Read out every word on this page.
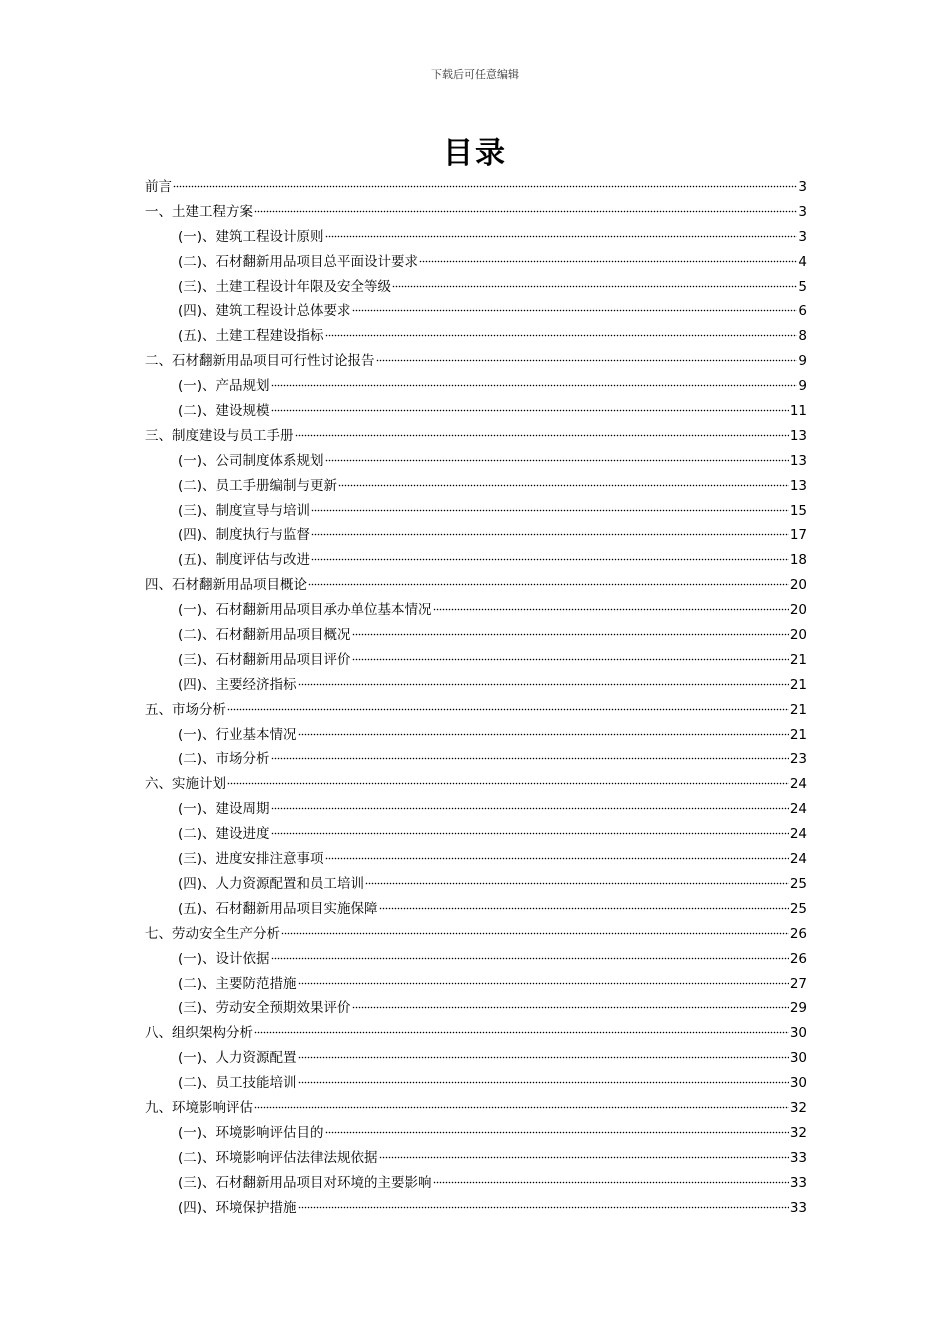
下载后可任意编辑
目录
前言	3
一、土建工程方案	3
(一)、建筑工程设计原则	3
(二)、石材翻新用品项目总平面设计要求	4
(三)、土建工程设计年限及安全等级	5
(四)、建筑工程设计总体要求	6
(五)、土建工程建设指标	8
二、石材翻新用品项目可行性讨论报告	9
(一)、产品规划	9
(二)、建设规模	11
三、制度建设与员工手册	13
(一)、公司制度体系规划	13
(二)、员工手册编制与更新	13
(三)、制度宣导与培训	15
(四)、制度执行与监督	17
(五)、制度评估与改进	18
四、石材翻新用品项目概论	20
(一)、石材翻新用品项目承办单位基本情况	20
(二)、石材翻新用品项目概况	20
(三)、石材翻新用品项目评价	21
(四)、主要经济指标	21
五、市场分析	21
(一)、行业基本情况	21
(二)、市场分析	23
六、实施计划	24
(一)、建设周期	24
(二)、建设进度	24
(三)、进度安排注意事项	24
(四)、人力资源配置和员工培训	25
(五)、石材翻新用品项目实施保障	25
七、劳动安全生产分析	26
(一)、设计依据	26
(二)、主要防范措施	27
(三)、劳动安全预期效果评价	29
八、组织架构分析	30
(一)、人力资源配置	30
(二)、员工技能培训	30
九、环境影响评估	32
(一)、环境影响评估目的	32
(二)、环境影响评估法律法规依据	33
(三)、石材翻新用品项目对环境的主要影响	33
(四)、环境保护措施	33
